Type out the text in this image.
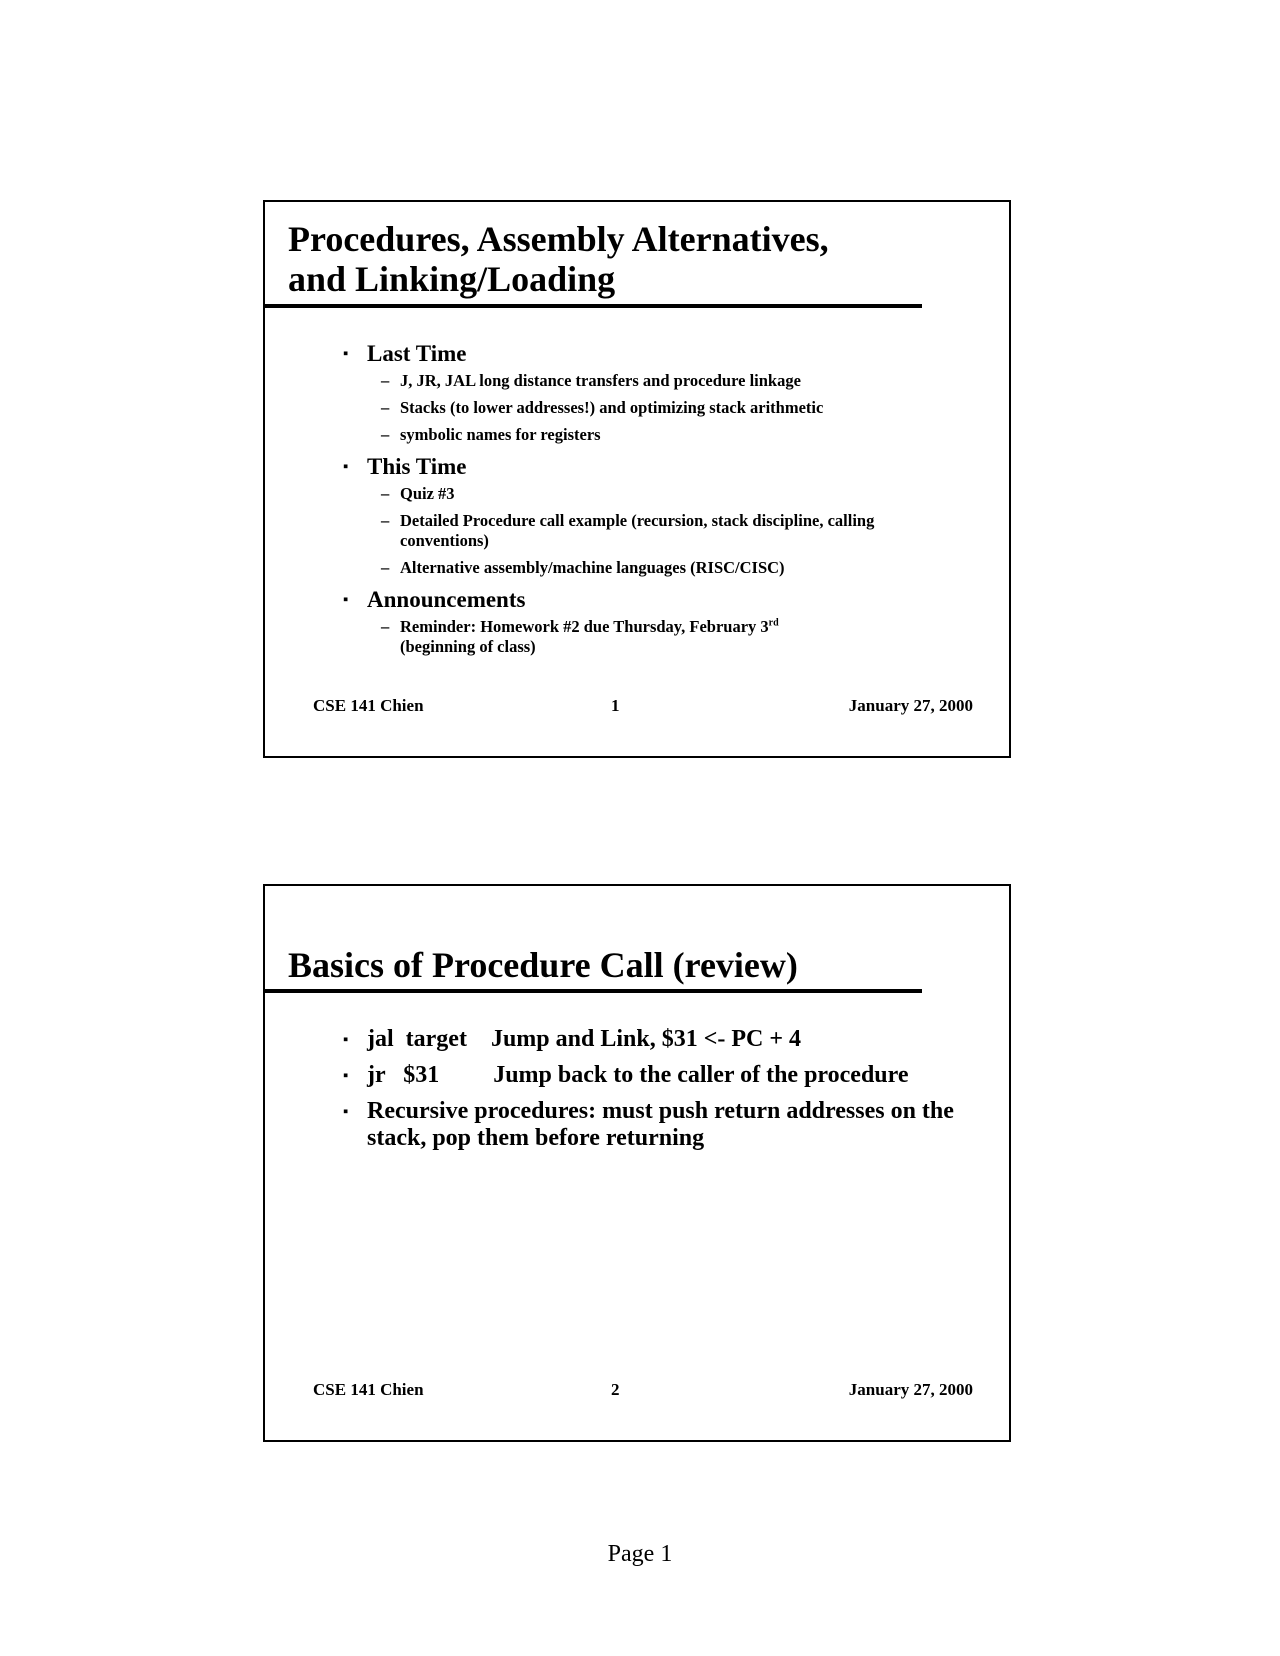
Procedures, Assembly Alternatives,
and Linking/Loading
▪ Last Time
– J, JR, JAL long distance transfers and procedure linkage
– Stacks (to lower addresses!) and optimizing stack arithmetic
– symbolic names for registers
▪ This Time
– Quiz #3
– Detailed Procedure call example (recursion, stack discipline, calling conventions)
– Alternative assembly/machine languages (RISC/CISC)
▪ Announcements
– Reminder: Homework #2 due Thursday, February 3rd
(beginning of class)
CSE 141 Chien	1	January 27, 2000
Basics of Procedure Call (review)
▪ jal  target    Jump and Link, $31 <- PC + 4
▪ jr   $31         Jump back to the caller of the procedure
▪ Recursive procedures: must push return addresses on the stack, pop them before returning
CSE 141 Chien	2	January 27, 2000
Page 1
